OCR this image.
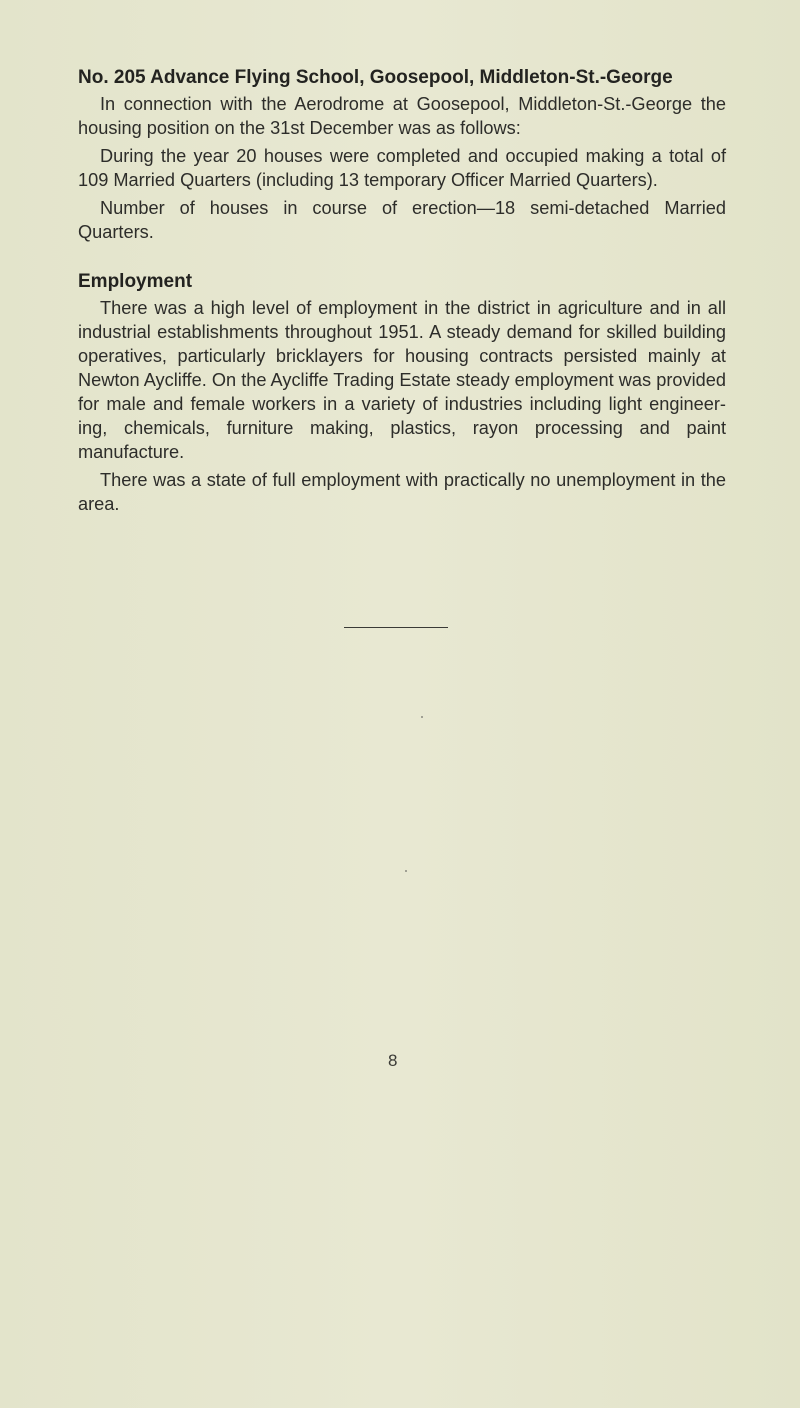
No. 205 Advance Flying School, Goosepool, Middleton-St.-George

In connection with the Aerodrome at Goosepool, Middleton-St.-George the housing position on the 31st December was as follows:

During the year 20 houses were completed and occupied making a total of 109 Married Quarters (including 13 temporary Officer Married Quarters).

Number of houses in course of erection—18 semi-detached Married Quarters.

Employment

There was a high level of employment in the district in agriculture and in all industrial establishments throughout 1951. A steady demand for skilled building operatives, particularly bricklayers for housing contracts persisted mainly at Newton Aycliffe. On the Aycliffe Trading Estate steady employment was provided for male and female workers in a variety of industries including light engineer-ing, chemicals, furniture making, plastics, rayon processing and paint manufacture.

There was a state of full employment with practically no unemployment in the area.

8
